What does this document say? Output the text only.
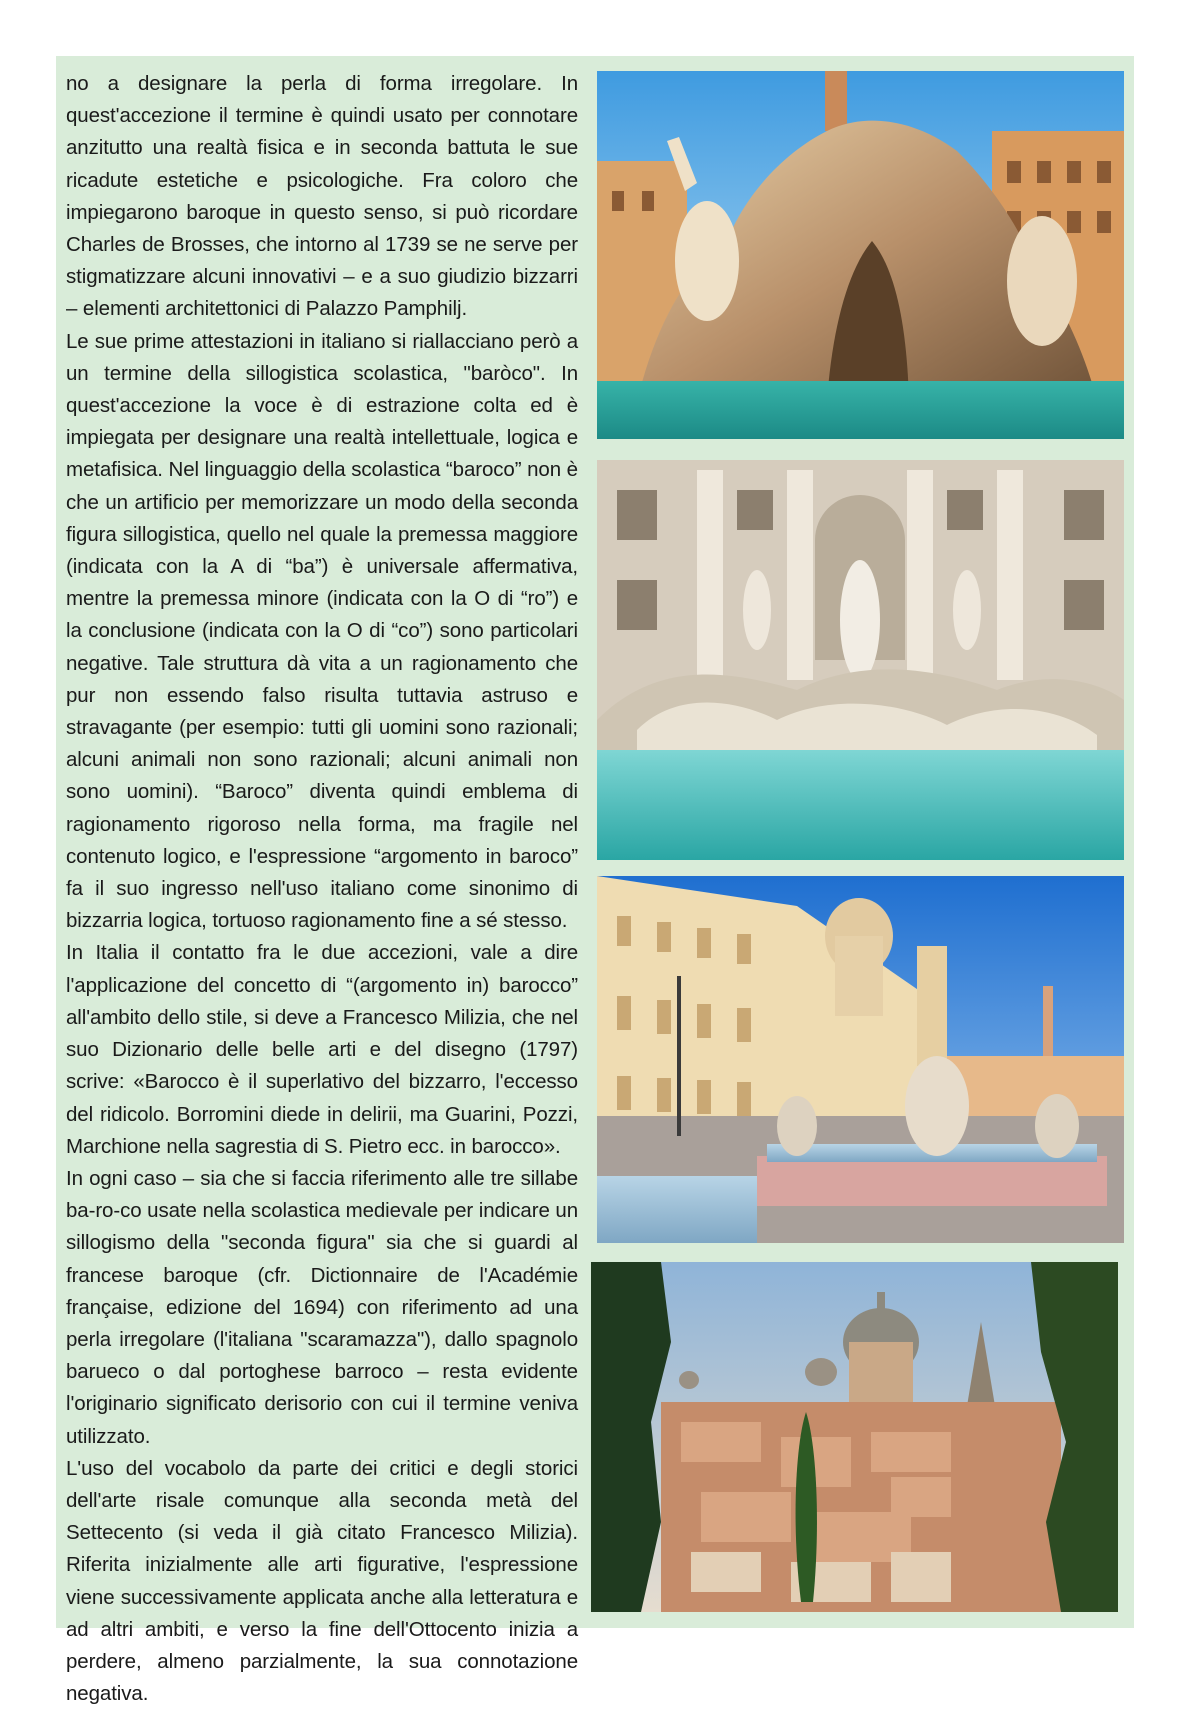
no a designare la perla di forma irregolare. In quest'accezione il termine è quindi usato per connotare anzitutto una realtà fisica e in seconda battuta le sue ricadute estetiche e psicologiche. Fra coloro che impiegarono baroque in questo senso, si può ricordare Charles de Brosses, che intorno al 1739 se ne serve per stigmatizzare alcuni innovativi – e a suo giudizio bizzarri – elementi architettonici di Palazzo Pamphilj.

Le sue prime attestazioni in italiano si riallacciano però a un termine della sillogistica scolastica, "baròco". In quest'accezione la voce è di estrazione colta ed è impiegata per designare una realtà intellettuale, logica e metafisica. Nel linguaggio della scolastica “baroco” non è che un artificio per memorizzare un modo della seconda figura sillogistica, quello nel quale la premessa maggiore (indicata con la A di “ba”) è universale affermativa, mentre la premessa minore (indicata con la O di “ro”) e la conclusione (indicata con la O di “co”) sono particolari negative. Tale struttura dà vita a un ragionamento che pur non essendo falso risulta tuttavia astruso e stravagante (per esempio: tutti gli uomini sono razionali; alcuni animali non sono razionali; alcuni animali non sono uomini). “Baroco” diventa quindi emblema di ragionamento rigoroso nella forma, ma fragile nel contenuto logico, e l'espressione “argomento in baroco” fa il suo ingresso nell'uso italiano come sinonimo di bizzarria logica, tortuoso ragionamento fine a sé stesso.

In Italia il contatto fra le due accezioni, vale a dire l'applicazione del concetto di “(argomento in) barocco” all'ambito dello stile, si deve a Francesco Milizia, che nel suo Dizionario delle belle arti e del disegno (1797) scrive: «Barocco è il superlativo del bizzarro, l'eccesso del ridicolo. Borromini diede in delirii, ma Guarini, Pozzi, Marchione nella sagrestia di S. Pietro ecc. in barocco».

In ogni caso – sia che si faccia riferimento alle tre sillabe ba-ro-co usate nella scolastica medievale per indicare un sillogismo della "seconda figura" sia che si guardi al francese baroque (cfr. Dictionnaire de l'Académie française, edizione del 1694) con riferimento ad una perla irregolare (l'italiana "scaramazza"), dallo spagnolo barueco o dal portoghese barroco – resta evidente l'originario significato derisorio con cui il termine veniva utilizzato.

L'uso del vocabolo da parte dei critici e degli storici dell'arte risale comunque alla seconda metà del Settecento (si veda il già citato Francesco Milizia). Riferita inizialmente alle arti figurative, l'espressione viene successivamente applicata anche alla letteratura e ad altri ambiti, e verso la fine dell'Ottocento inizia a perdere, almeno parzialmente, la sua connotazione negativa.
